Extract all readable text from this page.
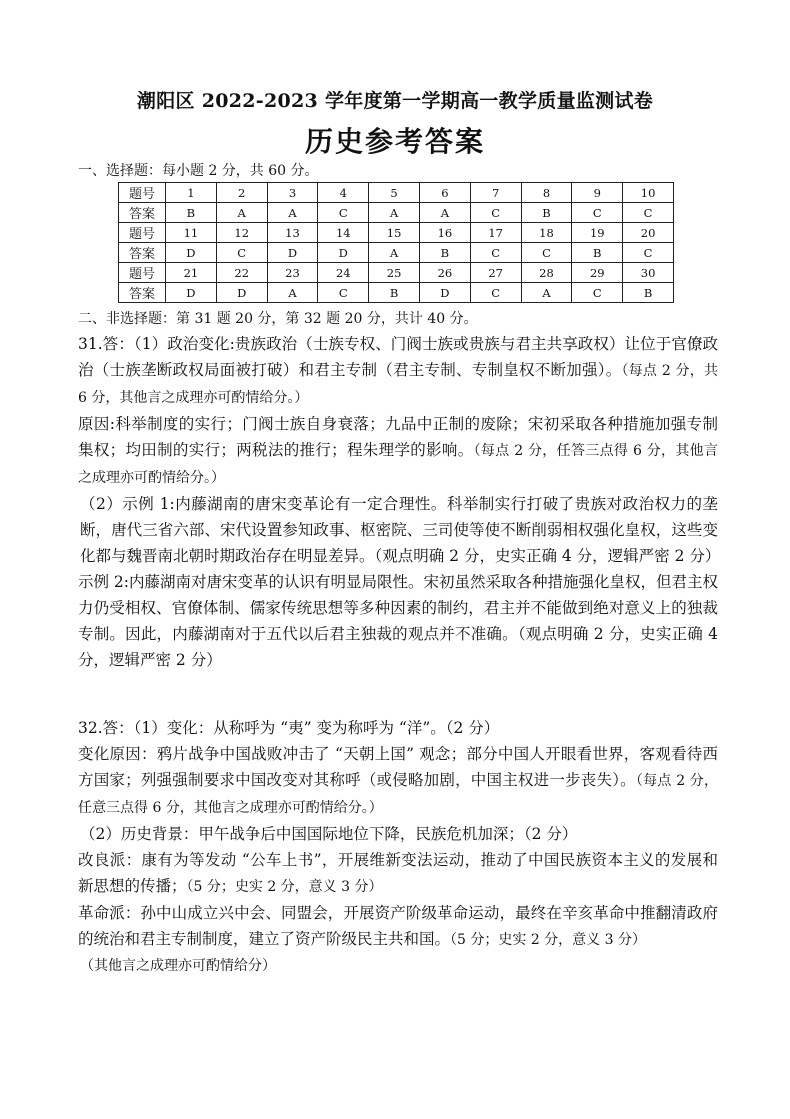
潮阳区 2022-2023 学年度第一学期高一教学质量监测试卷
历史参考答案
一、选择题：每小题 2 分，共 60 分。
题号	1	2	3	4	5	6	7	8	9	10
答案	B	A	A	C	A	A	C	B	C	C
题号	11	12	13	14	15	16	17	18	19	20
答案	D	C	D	D	A	B	C	C	B	C
题号	21	22	23	24	25	26	27	28	29	30
答案	D	D	A	C	B	D	C	A	C	B
二、非选择题：第 31 题 20 分，第 32 题 20 分，共计 40 分。

31.答：（1）政治变化:贵族政治（士族专权、门阀士族或贵族与君主共享政权）让位于官僚政治（士族垄断政权局面被打破）和君主专制（君主专制、专制皇权不断加强）。（每点 2 分，共 6 分，其他言之成理亦可酌情给分。）

原因:科举制度的实行；门阀士族自身衰落；九品中正制的废除；宋初采取各种措施加强专制集权；均田制的实行；两税法的推行；程朱理学的影响。（每点 2 分，任答三点得 6 分，其他言之成理亦可酌情给分。）

（2）示例 1:内藤湖南的唐宋变革论有一定合理性。科举制实行打破了贵族对政治权力的垄断，唐代三省六部、宋代设置参知政事、枢密院、三司使等使不断削弱相权强化皇权，这些变化都与魏晋南北朝时期政治存在明显差异。（观点明确 2 分，史实正确 4 分，逻辑严密 2 分）

示例 2:内藤湖南对唐宋变革的认识有明显局限性。宋初虽然采取各种措施强化皇权，但君主权力仍受相权、官僚体制、儒家传统思想等多种因素的制约，君主并不能做到绝对意义上的独裁专制。因此，内藤湖南对于五代以后君主独裁的观点并不准确。（观点明确 2 分，史实正确 4 分，逻辑严密 2 分）

32.答：（1）变化：从称呼为 “夷” 变为称呼为 “洋”。（2 分）

变化原因：鸦片战争中国战败冲击了 “天朝上国” 观念；部分中国人开眼看世界，客观看待西方国家；列强强制要求中国改变对其称呼（或侵略加剧，中国主权进一步丧失）。（每点 2 分，任意三点得 6 分，其他言之成理亦可酌情给分。）

（2）历史背景：甲午战争后中国国际地位下降，民族危机加深；（2 分）

改良派：康有为等发动 “公车上书”，开展维新变法运动，推动了中国民族资本主义的发展和新思想的传播；（5 分；史实 2 分，意义 3 分）

革命派：孙中山成立兴中会、同盟会，开展资产阶级革命运动，最终在辛亥革命中推翻清政府的统治和君主专制制度，建立了资产阶级民主共和国。（5 分；史实 2 分，意义 3 分）

（其他言之成理亦可酌情给分）
